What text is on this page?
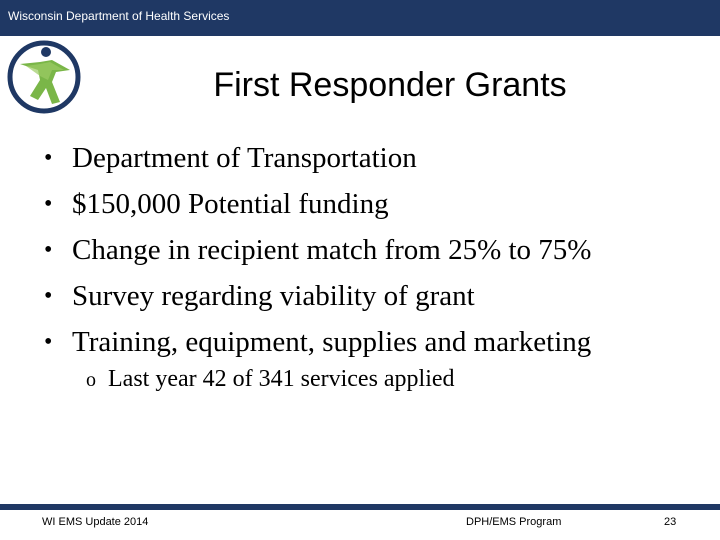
Wisconsin Department of Health Services
First Responder Grants
• Department of Transportation
• $150,000 Potential funding
• Change in recipient match from 25% to 75%
• Survey regarding viability of grant
• Training, equipment, supplies and marketing
o Last year 42 of 341 services applied
WI EMS Update 2014	DPH/EMS Program	23
